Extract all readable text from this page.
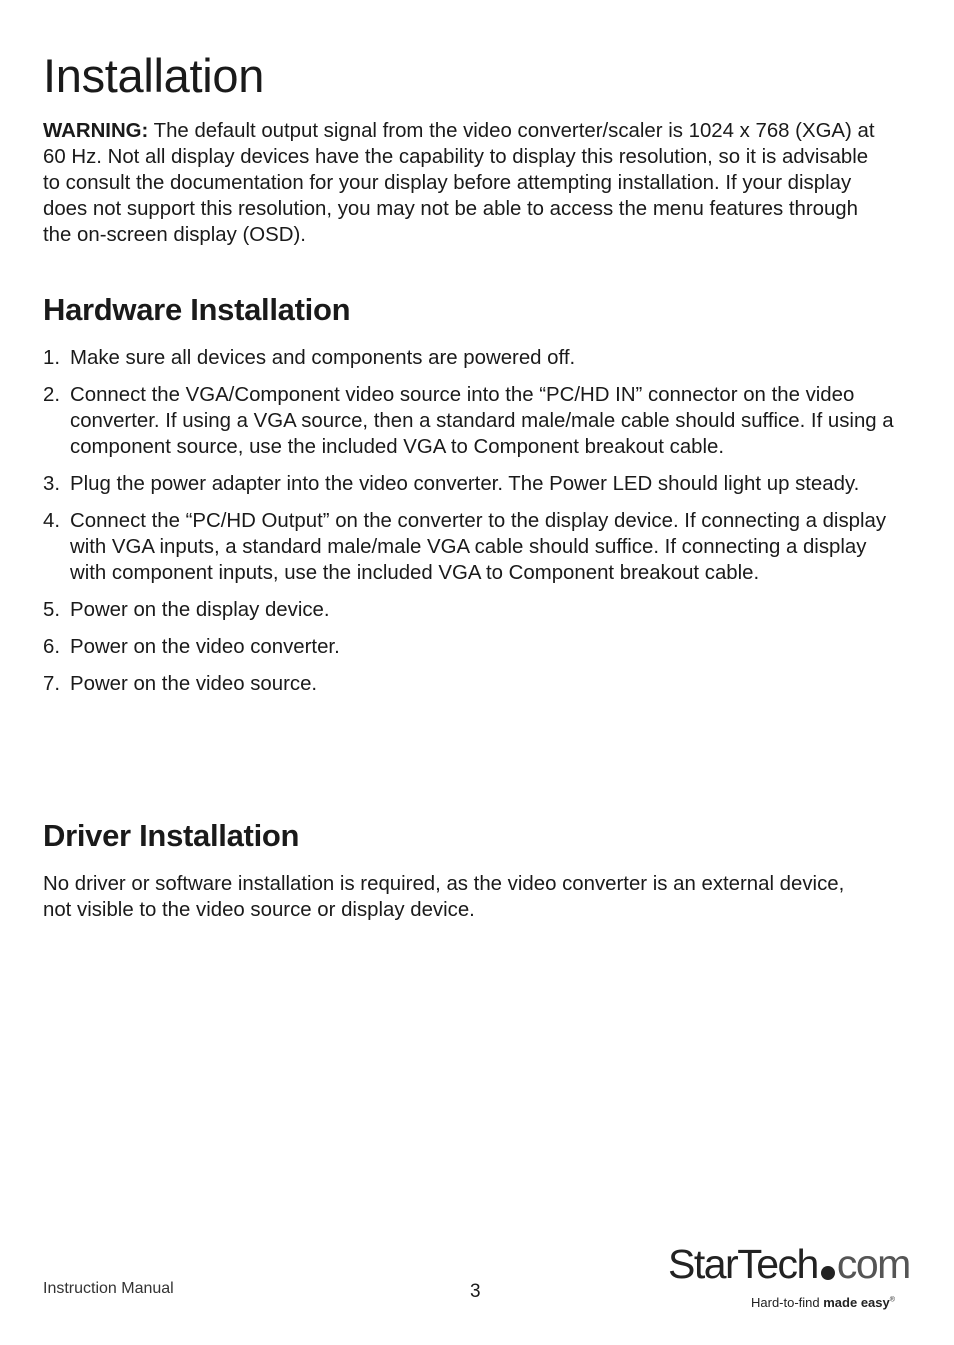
Installation

WARNING: The default output signal from the video converter/scaler is 1024 x 768 (XGA) at 60 Hz. Not all display devices have the capability to display this resolution, so it is advisable to consult the documentation for your display before attempting installation. If your display does not support this resolution, you may not be able to access the menu features through the on-screen display (OSD).

Hardware Installation
1. Make sure all devices and components are powered off.
2. Connect the VGA/Component video source into the “PC/HD IN” connector on the video converter. If using a VGA source, then a standard male/male cable should suffice. If using a component source, use the included VGA to Component breakout cable.
3. Plug the power adapter into the video converter. The Power LED should light up steady.
4. Connect the “PC/HD Output” on the converter to the display device. If connecting a display with VGA inputs, a standard male/male VGA cable should suffice. If connecting a display with component inputs, use the included VGA to Component breakout cable.
5. Power on the display device.
6. Power on the video converter.
7. Power on the video source.
Driver Installation

No driver or software installation is required, as the video converter is an external device, not visible to the video source or display device.

Instruction Manual	3
StarTech com
Hard-to-find made easy®
